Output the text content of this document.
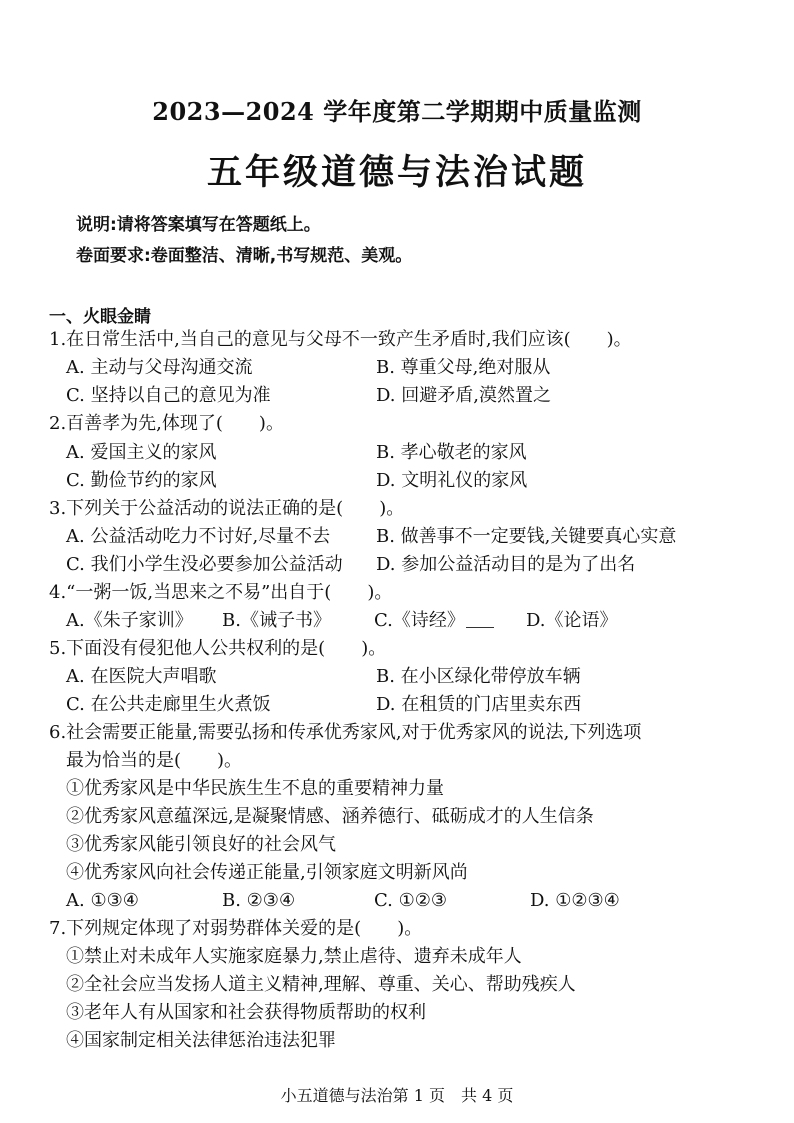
2023—2024 学年度第二学期期中质量监测
五年级道德与法治试题
说明:请将答案填写在答题纸上。
卷面要求:卷面整洁、清晰,书写规范、美观。
一、火眼金睛
1.在日常生活中,当自己的意见与父母不一致产生矛盾时,我们应该(　　)。
A. 主动与父母沟通交流	B. 尊重父母,绝对服从
C. 坚持以自己的意见为准	D. 回避矛盾,漠然置之
2.百善孝为先,体现了(　　)。
A. 爱国主义的家风	B. 孝心敬老的家风
C. 勤俭节约的家风	D. 文明礼仪的家风
3.下列关于公益活动的说法正确的是(　　)。
A. 公益活动吃力不讨好,尽量不去	B. 做善事不一定要钱,关键要真心实意
C. 我们小学生没必要参加公益活动 D. 参加公益活动目的是为了出名
4.“一粥一饭,当思来之不易”出自于(　　)。
A.《朱子家训》 B.《诫子书》 C.《诗经》	D.《论语》
5.下面没有侵犯他人公共权利的是(　　)。
A. 在医院大声唱歌	B. 在小区绿化带停放车辆
C. 在公共走廊里生火煮饭	D. 在租赁的门店里卖东西
6.社会需要正能量,需要弘扬和传承优秀家风,对于优秀家风的说法,下列选项
最为恰当的是(　　)。
①优秀家风是中华民族生生不息的重要精神力量
②优秀家风意蕴深远,是凝聚情感、涵养德行、砥砺成才的人生信条
③优秀家风能引领良好的社会风气
④优秀家风向社会传递正能量,引领家庭文明新风尚
A. ①③④	B. ②③④	C. ①②③	D. ①②③④
7.下列规定体现了对弱势群体关爱的是(　　)。
①禁止对未成年人实施家庭暴力,禁止虐待、遗弃未成年人
②全社会应当发扬人道主义精神,理解、尊重、关心、帮助残疾人
③老年人有从国家和社会获得物质帮助的权利
④国家制定相关法律惩治违法犯罪
小五道德与法治第 1 页　共 4 页
